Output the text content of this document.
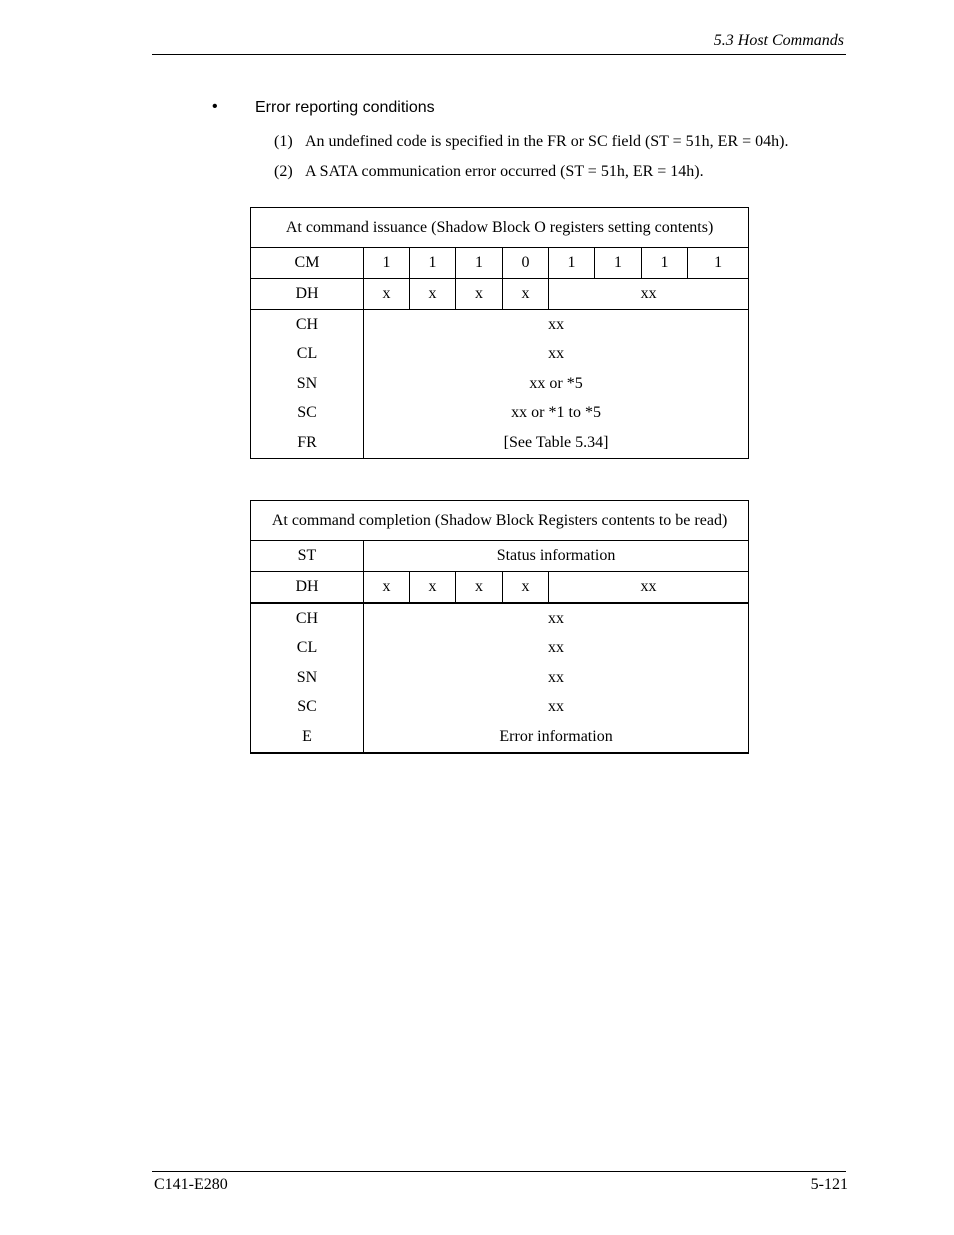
5.3 Host Commands
• Error reporting conditions
(1) An undefined code is specified in the FR or SC field (ST = 51h, ER = 04h).
(2) A SATA communication error occurred (ST = 51h, ER = 14h).
At command issuance (Shadow Block O registers setting contents)								
CM	1	1	1	0	1	1	1	1
DH	x	x	x	x	xx			
CH	xx							
CL	xx							
SN	xx or *5							
SC	xx or *1 to *5							
FR	[See Table 5.34]							
At command completion (Shadow Block Registers contents to be read)					
ST	Status information				
DH	x	x	x	x	xx
CH	xx				
CL	xx				
SN	xx				
SC	xx				
E	Error information				
C141-E280	5-121
